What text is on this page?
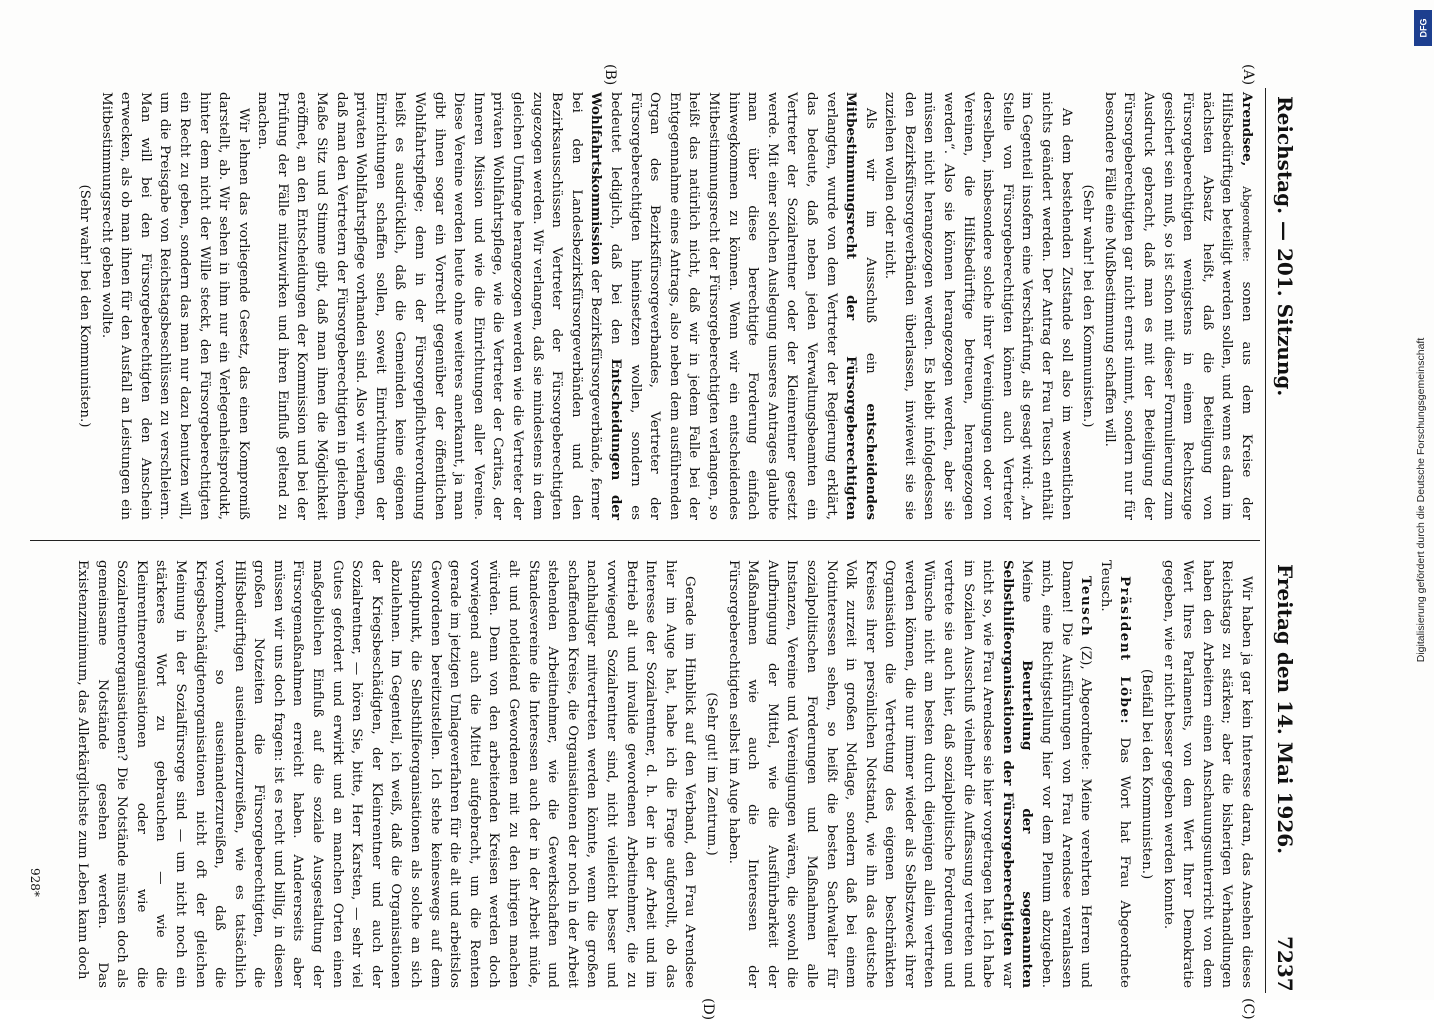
Reichstag. — 201. Sitzung.
Freitag den 14. Mai 1926.
7237
(A)
(B)
(C)
(D)

Arendsee, Abgeordnete: sonen aus dem Kreise der Hilfsbedürftigen beteiligt werden sollen, und wenn es dann im nächsten Absatz heißt, daß die Beteiligung von Fürsorgeberechtigten wenigstens in einem Rechtszuge gesichert sein muß, so ist schon mit dieser Formulierung zum Ausdruck gebracht, daß man es mit der Beteiligung der Fürsorgeberechtigten gar nicht ernst nimmt, sondern nur für besondere Fälle eine Mußbestimmung schaffen will.

(Sehr wahr! bei den Kommunisten.)

An dem bestehenden Zustande soll also im wesentlichen nichts geändert werden. Der Antrag der Frau Teusch enthält im Gegenteil insofern eine Verschärfung, als gesagt wird: „An Stelle von Fürsorgeberechtigten können auch Vertreter derselben, insbesondere solche ihrer Vereinigungen oder von Vereinen, die Hilfsbedürftige betreuen, herangezogen werden“. Also sie können herangezogen werden, aber sie müssen nicht herangezogen werden. Es bleibt infolgedessen den Bezirksfürsorgeverbänden überlassen, inwieweit sie sie zuziehen wollen oder nicht.

Als wir im Ausschuß ein entscheidendes Mitbestimmungsrecht der Fürsorgeberechtigten verlangten, wurde von dem Vertreter der Regierung erklärt, das bedeute, daß neben jeden Verwaltungsbeamten ein Vertreter der Sozialrentner oder der Kleinrentner gesetzt werde. Mit einer solchen Auslegung unseres Antrages glaubte man über diese berechtigte Forderung einfach hinwegkommen zu können. Wenn wir ein entscheidendes Mitbestimmungsrecht der Fürsorgeberechtigten verlangen, so heißt das natürlich nicht, daß wir in jedem Falle bei der Entgegennahme eines Antrags, also neben dem ausführenden Organ des Bezirksfürsorgeverbandes, Vertreter der Fürsorgeberechtigten hineinsetzen wollen, sondern es bedeutet lediglich, daß bei den Entscheidungen der Wohlfahrtskommission der Bezirksfürsorgeverbände, ferner bei den Landesbezirksfürsorgeverbänden und den Bezirksausschüssen Vertreter der Fürsorgeberechtigten zugezogen werden. Wir verlangen, daß sie mindestens in dem gleichen Umfange herangezogen werden wie die Vertreter der privaten Wohlfahrtspflege, wie die Vertreter der Caritas, der Inneren Mission und wie die Einrichtungen aller Vereine. Diese Vereine werden heute ohne weiteres anerkannt, ja man gibt ihnen sogar ein Vorrecht gegenüber der öffentlichen Wohlfahrtspflege; denn in der Fürsorgepflichtverordnung heißt es ausdrücklich, daß die Gemeinden keine eigenen Einrichtungen schaffen sollen, soweit Einrichtungen der privaten Wohlfahrtspflege vorhanden sind. Also wir verlangen, daß man den Vertretern der Fürsorgeberechtigten in gleichem Maße Sitz und Stimme gibt, daß man ihnen die Möglichkeit eröffnet, an den Entscheidungen der Kommission und bei der Prüfung der Fälle mitzuwirken und ihren Einfluß geltend zu machen.

Wir lehnen das vorliegende Gesetz, das einen Kompromiß darstellt, ab. Wir sehen in ihm nur ein Verlegenheitsprodukt, hinter dem nicht der Wille steckt, den Fürsorgeberechtigten ein Recht zu geben, sondern das man nur dazu benutzen will, um die Preisgabe von Reichstagsbeschlüssen zu verschleiern. Man will bei den Fürsorgeberechtigten den Anschein erwecken, als ob man ihnen für den Ausfall an Leistungen ein Mitbestimmungsrecht geben wollte.

(Sehr wahr! bei den Kommunisten.)

Wir haben ja gar kein Interesse daran, das Ansehen dieses Reichstags zu stärken; aber die bisherigen Verhandlungen haben den Arbeitern einen Anschauungsunterricht von dem Wert Ihres Parlaments, von dem Wert Ihrer Demokratie gegeben, wie er nicht besser gegeben werden konnte.

(Beifall bei den Kommunisten.)

Präsident Löbe: Das Wort hat Frau Abgeordnete Teusch.

Teusch (Z), Abgeordnete: Meine verehrten Herren und Damen! Die Ausführungen von Frau Arendsee veranlassen mich, eine Richtigstellung hier vor dem Plenum abzugeben. Meine Beurteilung der sogenannten Selbsthilfeorganisationen der Fürsorgeberechtigten war nicht so, wie Frau Arendsee sie hier vorgetragen hat. Ich habe im Sozialen Ausschuß vielmehr die Auffassung vertreten und vertrete sie auch hier, daß sozialpolitische Forderungen und Wünsche nicht am besten durch diejenigen allein vertreten werden können, die nur immer wieder als Selbstzweck ihrer Organisation die Vertretung des eigenen beschränkten Kreises ihrer persönlichen Notstand, wie ihn das deutsche Volk zurzeit in großen Notlage, sondern daß bei einem Notinteressen sehen, so heißt die besten Sachwalter für sozialpolitischen Forderungen und Maßnahmen alle Instanzen, Vereine und Vereinigungen wären, die sowohl die Aufbringung der Mittel, wie die Ausführbarkeit der Maßnahmen wie auch die Interessen der Fürsorgeberechtigten selbst im Auge haben.

(Sehr gut! im Zentrum.)

Gerade im Hinblick auf den Verband, den Frau Arendsee hier im Auge hat, habe ich die Frage aufgerollt, ob das Interesse der Sozialrentner, d. h. der in der Arbeit und im Betrieb alt und invalide gewordenen Arbeitnehmer, die zu vorwiegend Sozialrentner sind, nicht vielleicht besser und nachhaltiger mitvertreten werden könnte, wenn die großen schaffenden Kreise, die Organisationen der noch in der Arbeit stehenden Arbeitnehmer, wie die Gewerkschaften und Standesvereine die Interessen auch der in der Arbeit müde, alt und notleidend Gewordenen mit zu den ihrigen machen würden. Denn von den arbeitenden Kreisen werden doch vorwiegend auch die Mittel aufgebracht, um die Renten gerade im jetzigen Umlageverfahren für die alt und arbeitslos Gewordenen bereitzustellen. Ich stehe keineswegs auf dem Standpunkt, die Selbsthilfeorganisationen als solche an sich abzulehnen. Im Gegenteil, ich weiß, daß die Organisationen der Kriegsbeschädigten, der Kleinrentner und auch der Sozialrentner, — hören Sie, bitte, Herr Karsten, — sehr viel Gutes gefordert und erwirkt und an manchen Orten einen maßgeblichen Einfluß auf die soziale Ausgestaltung der Fürsorgemaßnahmen erreicht haben. Andererseits aber müssen wir uns doch fragen: ist es recht und billig, in diesen großen Notzeiten die Fürsorgeberechtigten, die Hilfsbedürftigen auseinanderzureißen, wie es tatsächlich vorkommt, so auseinanderzureißen, daß die Kriegsbeschädigtenorganisationen nicht oft der gleichen Meinung in der Sozialfürsorge sind — um nicht noch ein stärkeres Wort zu gebrauchen — wie die Kleinrentnerorganisationen oder wie die Sozialrentnerorganisationen? Die Notstände müssen doch als gemeinsame Notstände gesehen werden. Das Existenzminimum, das Allerkärglichste zum Leben kann doch

928*
DFG
Digitalisierung gefördert durch die Deutsche Forschungsgemeinschaft
